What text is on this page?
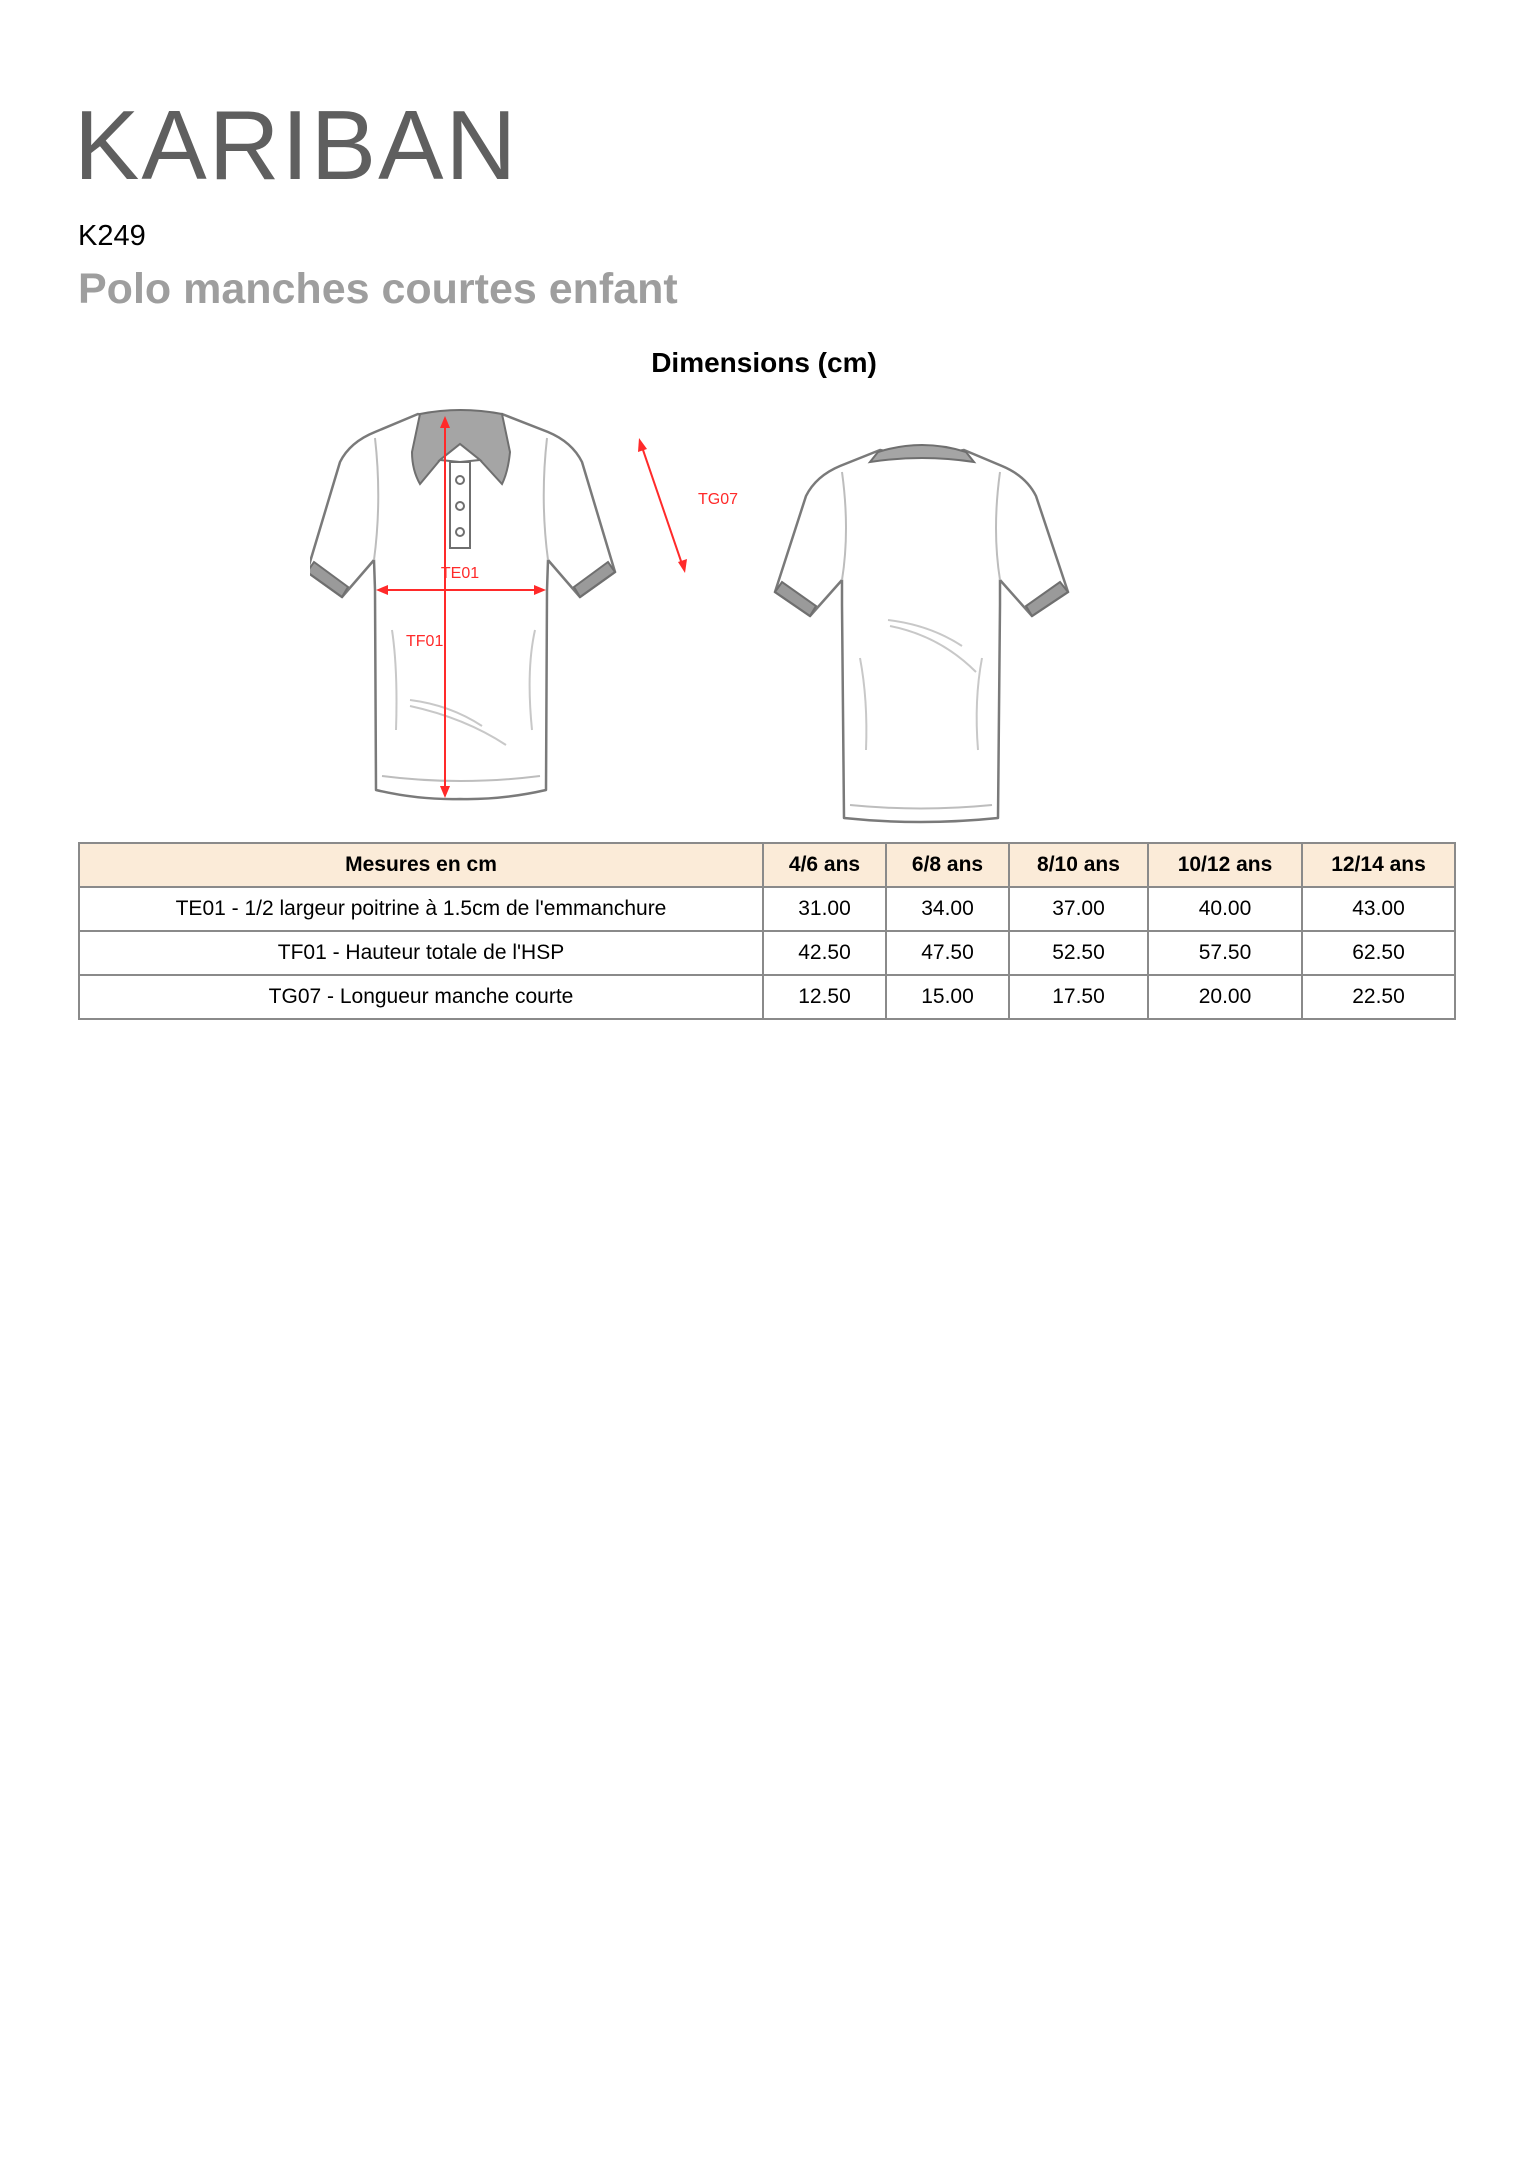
KARIBAN
K249
Polo manches courtes enfant
Dimensions (cm)
TE01
TF01
TG07
Mesures en cm	4/6 ans	6/8 ans	8/10 ans	10/12 ans	12/14 ans
TE01 - 1/2 largeur poitrine à 1.5cm de l'emmanchure	31.00	34.00	37.00	40.00	43.00
TF01 - Hauteur totale de l'HSP	42.50	47.50	52.50	57.50	62.50
TG07 - Longueur manche courte	12.50	15.00	17.50	20.00	22.50
